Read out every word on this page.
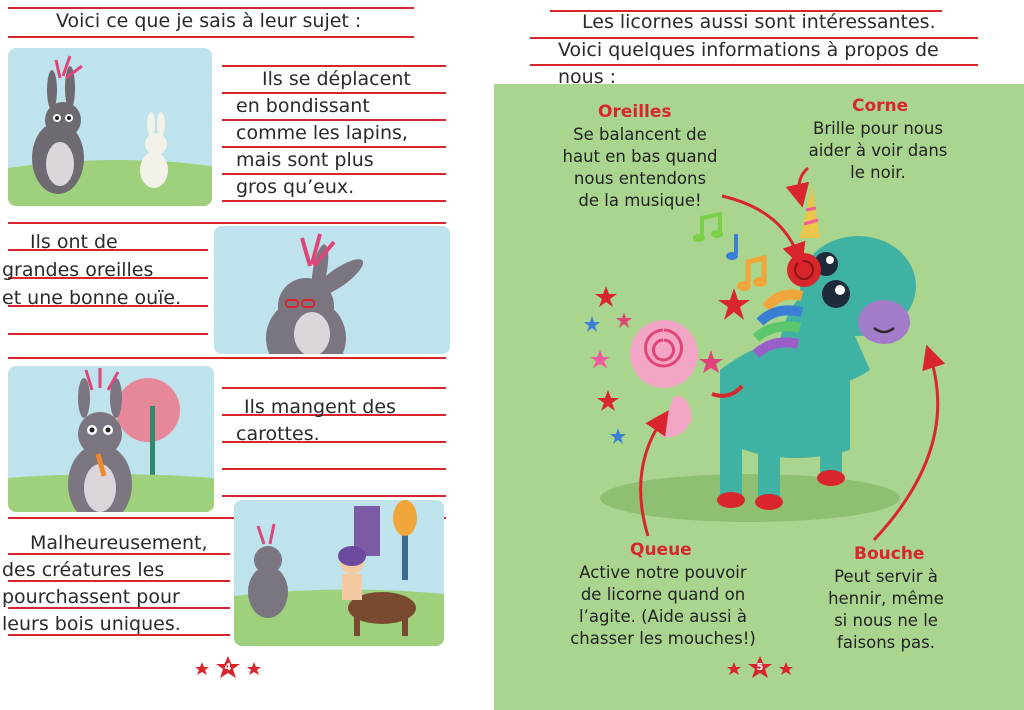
Voici ce que je sais à leur sujet :
Ils se déplacent
en bondissant
comme les lapins,
mais sont plus
gros qu’eux.
Ils ont de
grandes oreilles
et une bonne ouïe.
Ils mangent des
carottes.
Malheureusement,
des créatures les
pourchassent pour
leurs bois uniques.
4
Les licornes aussi sont intéressantes.
Voici quelques informations à propos de
nous :
Oreilles
Se balancent de
haut en bas quand
nous entendons
de la musique!
Corne
Brille pour nous
aider à voir dans
le noir.
Queue
Active notre pouvoir
de licorne quand on
l’agite. (Aide aussi à
chasser les mouches!)
Bouche
Peut servir à
hennir, même
si nous ne le
faisons pas.
5
